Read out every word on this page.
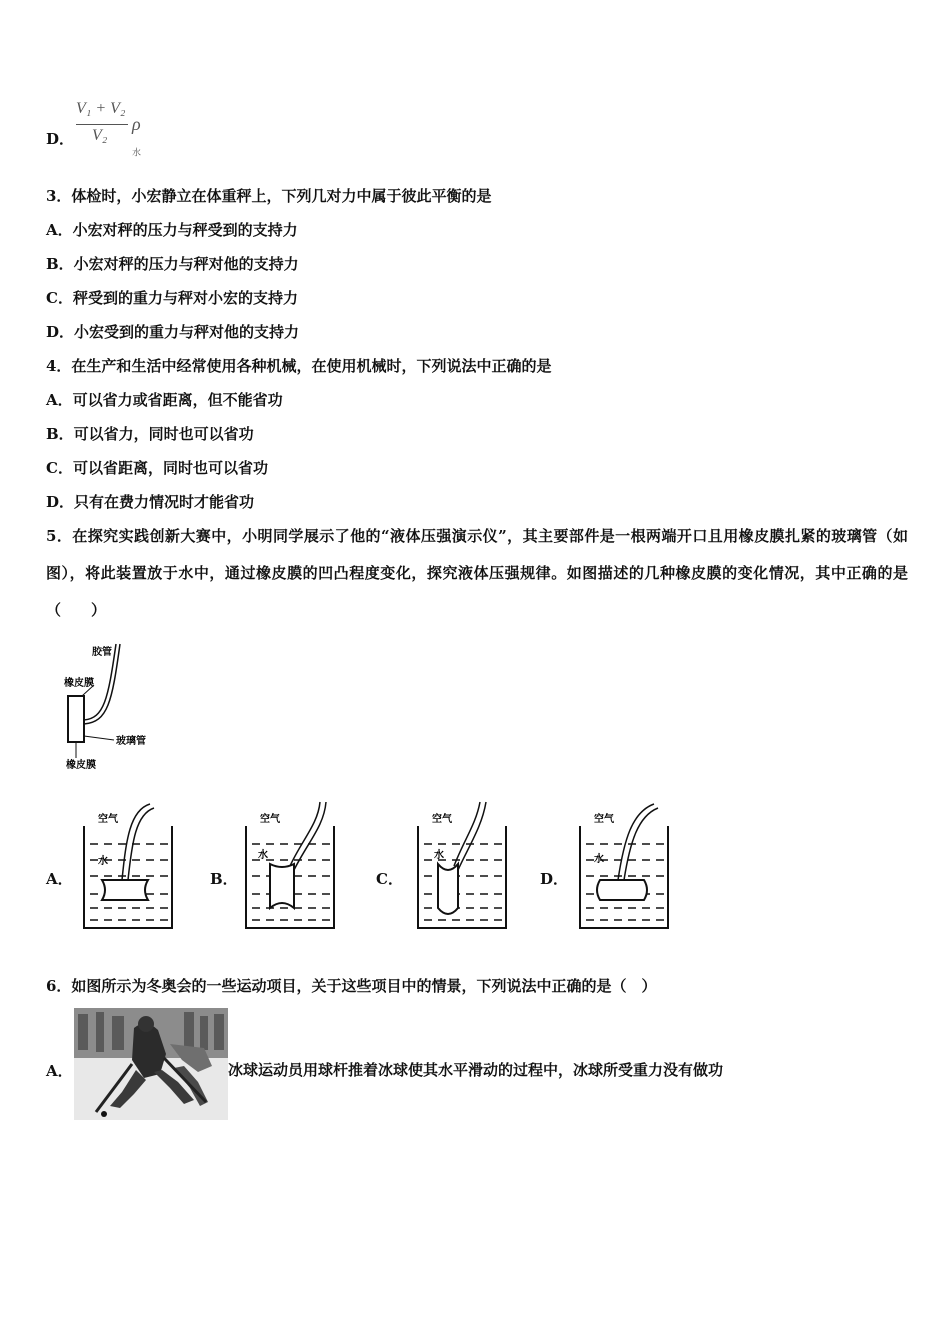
D．
V₁ + V₂
V₂
$\rho_水$
3．体检时，小宏静立在体重秤上，下列几对力中属于彼此平衡的是
A．小宏对秤的压力与秤受到的支持力
B．小宏对秤的压力与秤对他的支持力
C．秤受到的重力与秤对小宏的支持力
D．小宏受到的重力与秤对他的支持力
4．在生产和生活中经常使用各种机械，在使用机械时，下列说法中正确的是
A．可以省力或省距离，但不能省功
B．可以省力，同时也可以省功
C．可以省距离，同时也可以省功
D．只有在费力情况时才能省功
5．在探究实践创新大赛中，小明同学展示了他的“液体压强演示仪”，其主要部件是一根两端开口且用橡皮膜扎紧的玻璃管（如图），将此装置放于水中，通过橡皮膜的凹凸程度变化，探究液体压强规律。如图描述的几种橡皮膜的变化情况，其中正确的是（　　）
胶管
橡皮膜
玻璃管
橡皮膜
A．	B．	C．	D．
空气
水
空气
水
空气
水
空气
水
6．如图所示为冬奥会的一些运动项目，关于这些项目中的情景，下列说法中正确的是（　）
A．	冰球运动员用球杆推着冰球使其水平滑动的过程中，冰球所受重力没有做功
